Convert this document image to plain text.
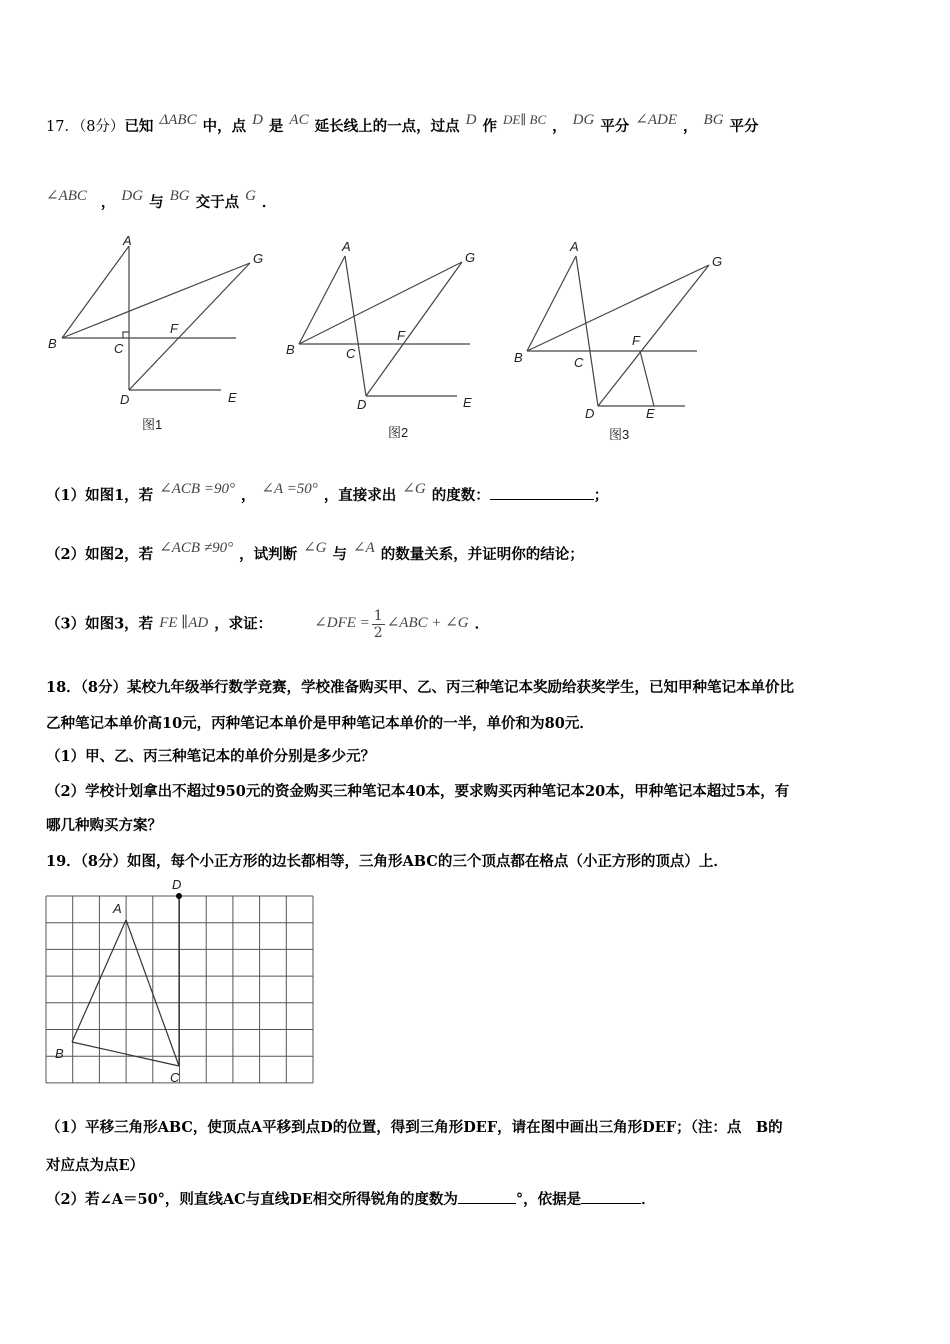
17．（8分）已知 ΔABC 中，点 D 是 AC 延长线上的一点，过点 D 作 DE∥ BC ， DG 平分 ∠ADE ， BG 平分
∠ABC ， DG 与 BG 交于点 G ．
A
B	C
F
G
D	E
图1
A
B	C
F
G
D	E
图2
A
B	C
F
G
D	E
图3
（1）如图1，若 ∠ACB =90° ， ∠A =50° ，直接求出 ∠G 的度数：	；
（2）如图2，若 ∠ACB ≠90° ，试判断 ∠G 与 ∠A 的数量关系，并证明你的结论；
（3）如图3，若 FE ∥AD ，求证：	∠DFE = $\frac{1}{2}$ ∠ABC + ∠G ．
18．（8分）某校九年级举行数学竞赛，学校准备购买甲、乙、丙三种笔记本奖励给获奖学生，已知甲种笔记本单价比
乙种笔记本单价高10元，丙种笔记本单价是甲种笔记本单价的一半，单价和为80元．
（1）甲、乙、丙三种笔记本的单价分别是多少元？
（2）学校计划拿出不超过950元的资金购买三种笔记本40本，要求购买丙种笔记本20本，甲种笔记本超过5本，有
哪几种购买方案？
19．（8分）如图，每个小正方形的边长都相等，三角形ABC的三个顶点都在格点（小正方形的顶点）上．
A
B
C
D
（1）平移三角形ABC，使顶点A平移到点D的位置，得到三角形DEF，请在图中画出三角形DEF；（注：点　B的
对应点为点E）
（2）若∠A＝50°，则直线AC与直线DE相交所得锐角的度数为	°，依据是	．
